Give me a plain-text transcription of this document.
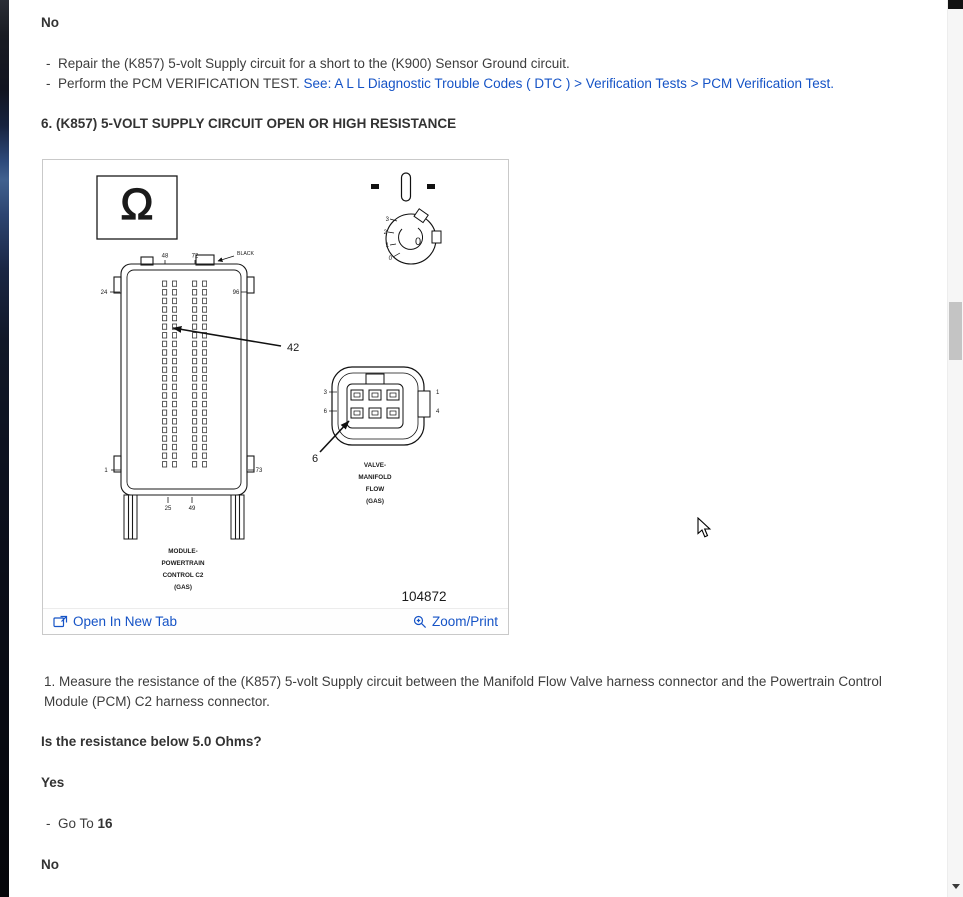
No
- Repair the (K857) 5-volt Supply circuit for a short to the (K900) Sensor Ground circuit.
- Perform the PCM VERIFICATION TEST. See: A L L Diagnostic Trouble Codes ( DTC ) > Verification Tests > PCM Verification Test.
6. (K857) 5-VOLT SUPPLY CIRCUIT OPEN OR HIGH RESISTANCE
1. Measure the resistance of the (K857) 5-volt Supply circuit between the Manifold Flow Valve harness connector and the Powertrain Control Module (PCM) C2 harness connector.
Is the resistance below 5.0 Ohms?
Yes
- Go To 16
No
Ω
48	72
24	96
1	73
25	49
BLACK
42
3
2
1
0
0
3
6
1
4
6
VALVE-
MANIFOLD
FLOW
(GAS)
MODULE-
POWERTRAIN
CONTROL C2
(GAS)
104872
Open In New Tab	Zoom/Print
